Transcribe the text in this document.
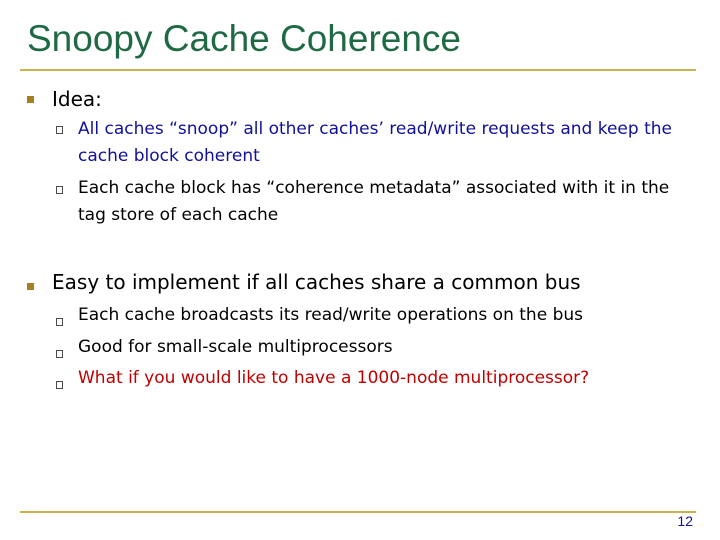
Snoopy Cache Coherence
Idea:
All caches “snoop” all other caches’ read/write requests and keep the cache block coherent
Each cache block has “coherence metadata” associated with it in the tag store of each cache
Easy to implement if all caches share a common bus
Each cache broadcasts its read/write operations on the bus
Good for small-scale multiprocessors
What if you would like to have a 1000-node multiprocessor?
12
